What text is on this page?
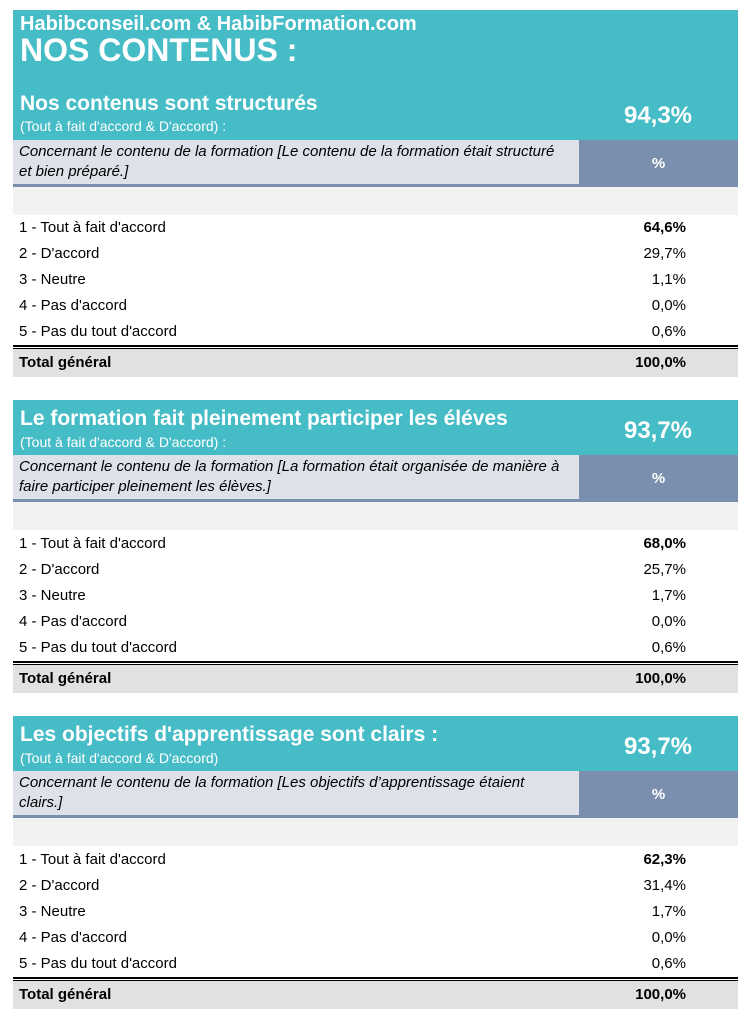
Habibconseil.com & HabibFormation.com
NOS CONTENUS :
Nos contenus sont structurés
(Tout à fait d'accord & D'accord) :	94,3%
Concernant le contenu de la formation [Le contenu de la formation était structuré et bien préparé.]	%
1 - Tout à fait d'accord	64,6%
2 - D'accord	29,7%
3 - Neutre	1,1%
4 - Pas d'accord	0,0%
5 - Pas du tout d'accord	0,6%
Total général	100,0%
Le formation fait pleinement participer les éléves
(Tout à fait d'accord & D'accord) :	93,7%
Concernant le contenu de la formation [La formation était organisée de manière à faire participer pleinement les élèves.]	%
1 - Tout à fait d'accord	68,0%
2 - D'accord	25,7%
3 - Neutre	1,7%
4 - Pas d'accord	0,0%
5 - Pas du tout d'accord	0,6%
Total général	100,0%
Les objectifs d'apprentissage sont clairs :
(Tout à fait d'accord & D'accord)	93,7%
Concernant le contenu de la formation [Les objectifs d’apprentissage étaient clairs.]	%
1 - Tout à fait d'accord	62,3%
2 - D'accord	31,4%
3 - Neutre	1,7%
4 - Pas d'accord	0,0%
5 - Pas du tout d'accord	0,6%
Total général	100,0%
